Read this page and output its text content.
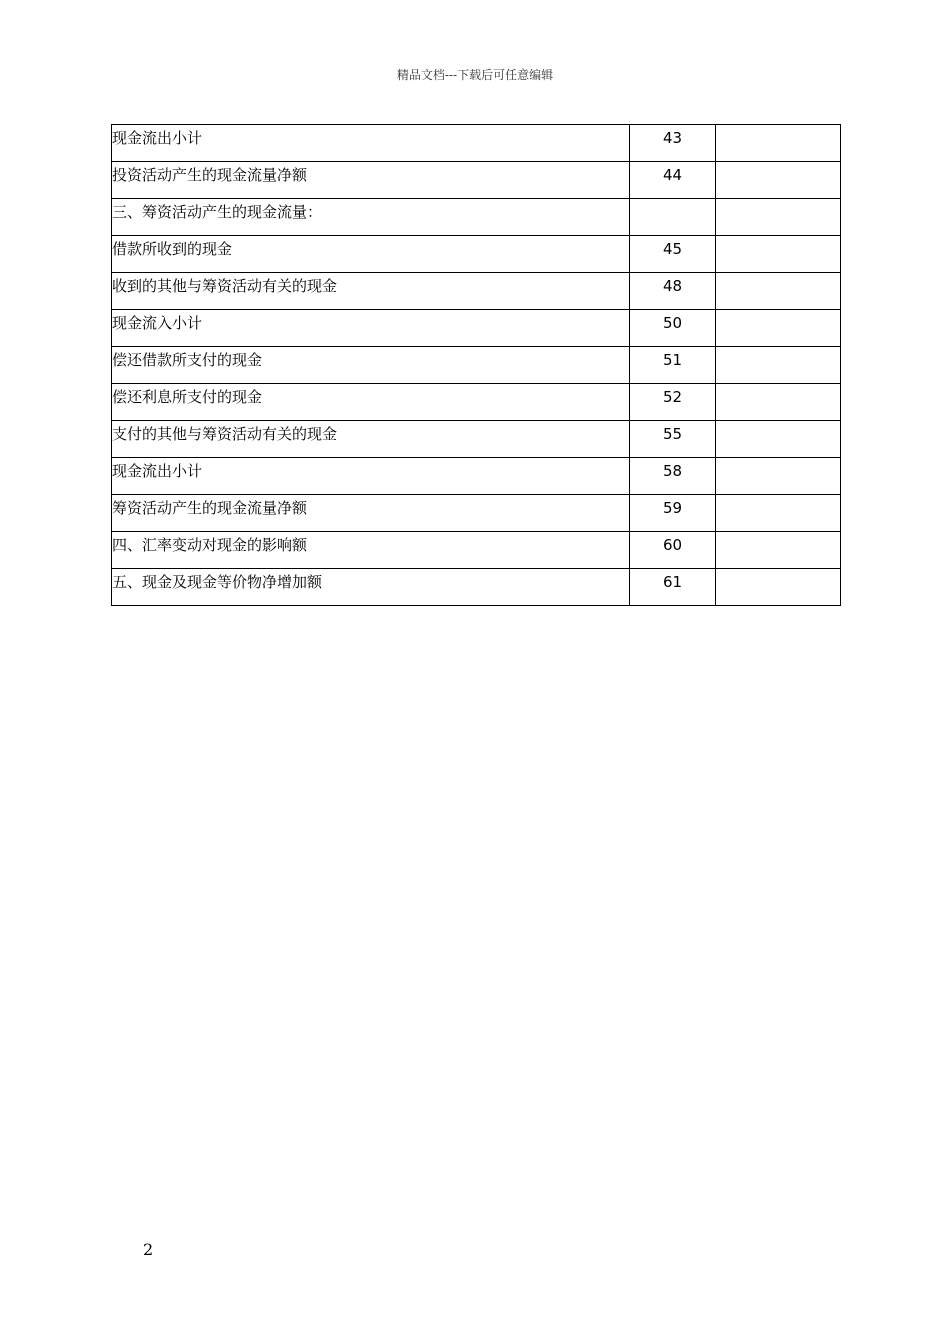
精品文档---下载后可任意编辑
现金流出小计	43	
投资活动产生的现金流量净额	44	
三、筹资活动产生的现金流量：		
借款所收到的现金	45	
收到的其他与筹资活动有关的现金	48	
现金流入小计	50	
偿还借款所支付的现金	51	
偿还利息所支付的现金	52	
支付的其他与筹资活动有关的现金	55	
现金流出小计	58	
筹资活动产生的现金流量净额	59	
四、汇率变动对现金的影响额	60	
五、现金及现金等价物净增加额	61	
2
